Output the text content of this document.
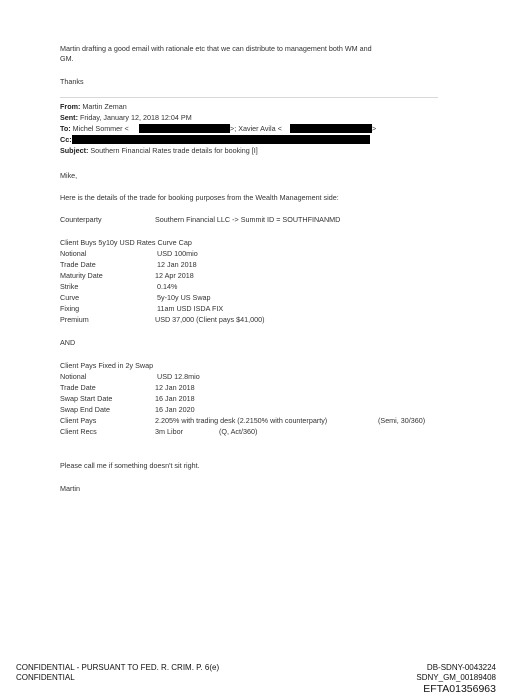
Martin drafting a good email with rationale etc that we can distribute to management both WM and
GM.
Thanks
From: Martin Zeman
Sent: Friday, January 12, 2018 12:04 PM
To: Michel Sommer <	>; Xavier Avila <	>
Cc:
Subject: Southern Financial Rates trade details for booking [I]
Mike,
Here is the details of the trade for booking purposes from the Wealth Management side:
Counterparty	Southern Financial LLC -> Summit ID = SOUTHFINANMD
Client Buys 5y10y USD Rates Curve Cap
Notional	USD 100mio
Trade Date	12 Jan 2018
Maturity Date	12 Apr 2018
Strike	0.14%
Curve	5y-10y US Swap
Fixing	11am USD ISDA FIX
Premium	USD 37,000 (Client pays $41,000)
AND
Client Pays Fixed in 2y Swap
Notional	USD 12.8mio
Trade Date	12 Jan 2018
Swap Start Date	16 Jan 2018
Swap End Date	16 Jan 2020
Client Pays	2.205% with trading desk (2.2150% with counterparty)	(Semi, 30/360)
Client Recs	3m Libor	(Q, Act/360)
Please call me if something doesn't sit right.
Martin
CONFIDENTIAL - PURSUANT TO FED. R. CRIM. P. 6(e)
CONFIDENTIAL
DB-SDNY-0043224
SDNY_GM_00189408
EFTA01356963
